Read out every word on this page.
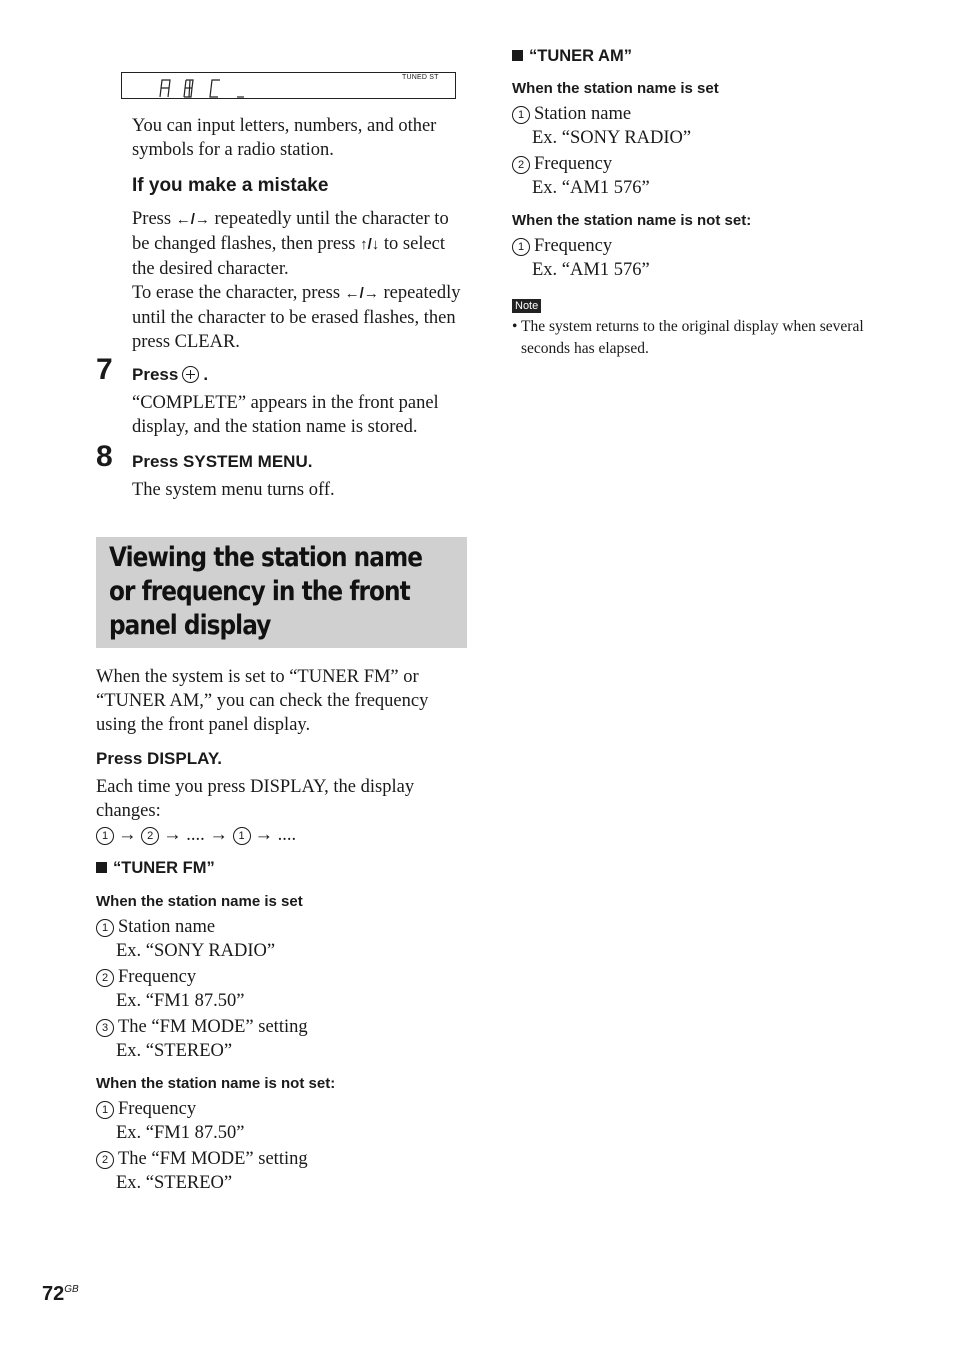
TUNED ST

You can input letters, numbers, and other symbols for a radio station.

If you make a mistake

Press ←/→ repeatedly until the character to be changed flashes, then press ↑/↓ to select the desired character.

To erase the character, press ←/→ repeatedly until the character to be erased flashes, then press CLEAR.

7 Press .

“COMPLETE” appears in the front panel display, and the station name is stored.

8 Press SYSTEM MENU.

The system menu turns off.

Viewing the station name or frequency in the front panel display

When the system is set to “TUNER FM” or “TUNER AM,” you can check the frequency using the front panel display.

Press DISPLAY.

Each time you press DISPLAY, the display changes:

1 → 2 → .... → 1 → ....
“TUNER FM”
When the station name is set
1 Station name
Ex. “SONY RADIO”
2 Frequency
Ex. “FM1 87.50”
3 The “FM MODE” setting
Ex. “STEREO”
When the station name is not set:
1 Frequency
Ex. “FM1 87.50”
2 The “FM MODE” setting
Ex. “STEREO”
“TUNER AM”
When the station name is set
1 Station name
Ex. “SONY RADIO”
2 Frequency
Ex. “AM1 576”
When the station name is not set:
1 Frequency
Ex. “AM1 576”
Note

• The system returns to the original display when several seconds has elapsed.

$72^{GB}$
